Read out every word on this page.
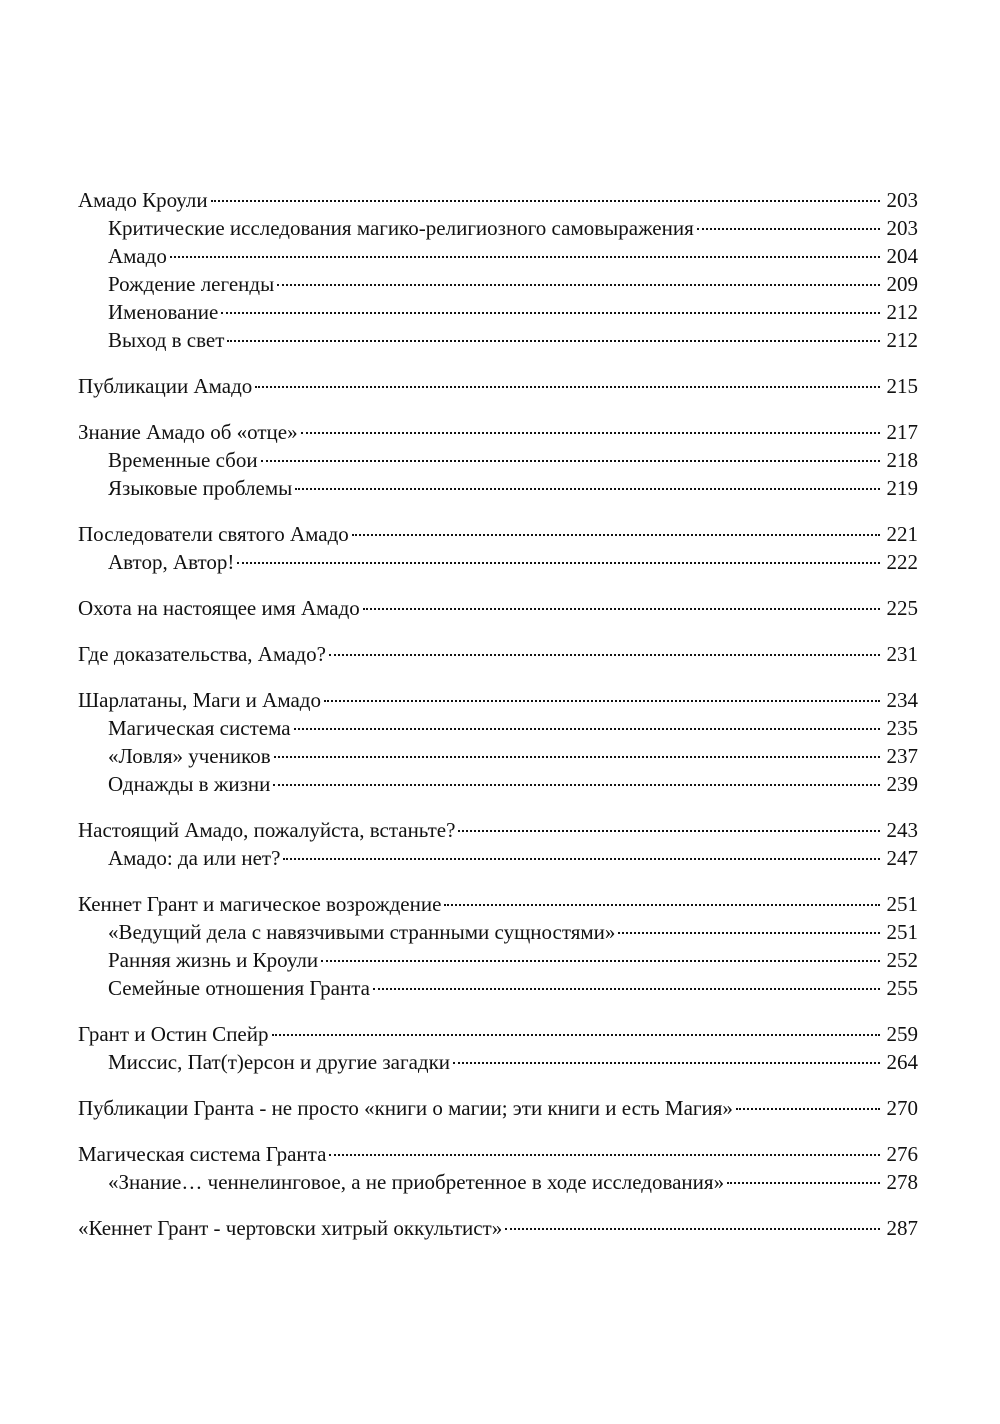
Амадо Кроули	203
Критические исследования магико-религиозного самовыражения	203
Амадо	204
Рождение легенды	209
Именование	212
Выход в свет	212
Публикации Амадо	215
Знание Амадо об «отце»	217
Временные сбои	218
Языковые проблемы	219
Последователи святого Амадо	221
Автор, Автор!	222
Охота на настоящее имя Амадо	225
Где доказательства, Амадо?	231
Шарлатаны, Маги и Амадо	234
Магическая система	235
«Ловля» учеников	237
Однажды в жизни	239
Настоящий Амадо, пожалуйста, встаньте?	243
Амадо: да или нет?	247
Кеннет Грант и магическое возрождение	251
«Ведущий дела с навязчивыми странными сущностями»	251
Ранняя жизнь и Кроули	252
Семейные отношения Гранта	255
Грант и Остин Спейр	259
Миссис, Пат(т)ерсон и другие загадки	264
Публикации Гранта - не просто «книги о магии; эти книги и есть Магия»	270
Магическая система Гранта	276
«Знание… ченнелинговое, а не приобретенное в ходе исследования»	278
«Кеннет Грант - чертовски хитрый оккультист»	287
